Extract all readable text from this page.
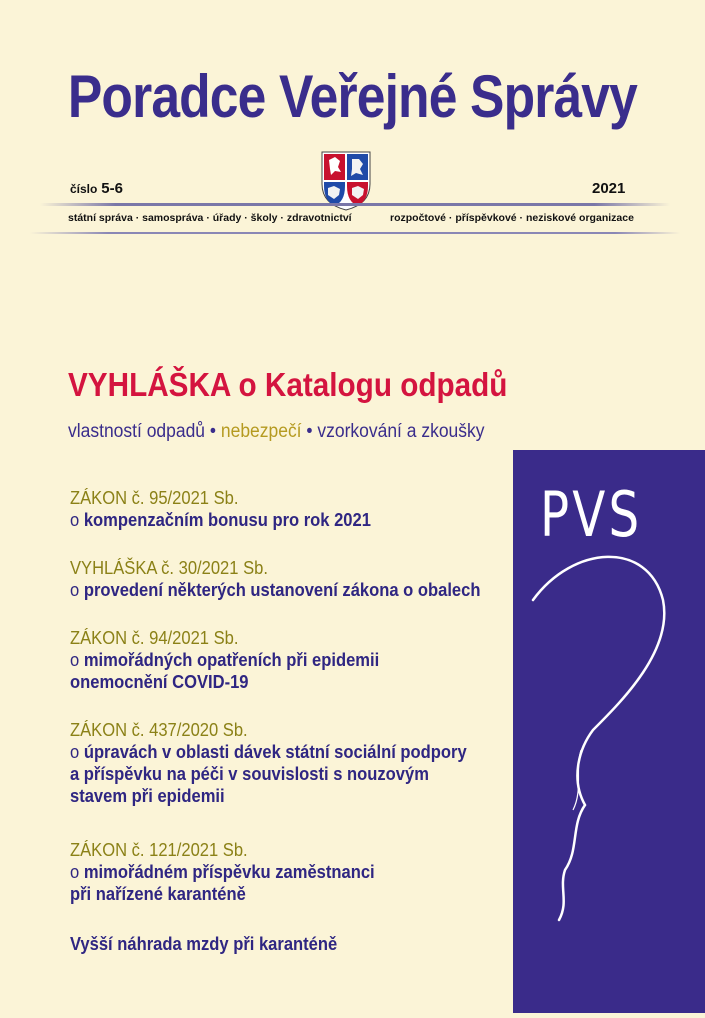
Poradce Veřejné Správy
číslo 5-6	2021
státní správa · samospráva · úřady · školy · zdravotnictví	rozpočtové · příspěvkové · neziskové organizace
VYHLÁŠKA o Katalogu odpadů
vlastností odpadů • nebezpečí • vzorkování a zkoušky
PVS
ZÁKON č. 95/2021 Sb.
o kompenzačním bonusu pro rok 2021
VYHLÁŠKA č. 30/2021 Sb.
o provedení některých ustanovení zákona o obalech
ZÁKON č. 94/2021 Sb.
o mimořádných opatřeních při epidemii
onemocnění COVID-19
ZÁKON č. 437/2020 Sb.
o úpravách v oblasti dávek státní sociální podpory
a příspěvku na péči v souvislosti s nouzovým
stavem při epidemii
ZÁKON č. 121/2021 Sb.
o mimořádném příspěvku zaměstnanci
při nařízené karanténě
Vyšší náhrada mzdy při karanténě
